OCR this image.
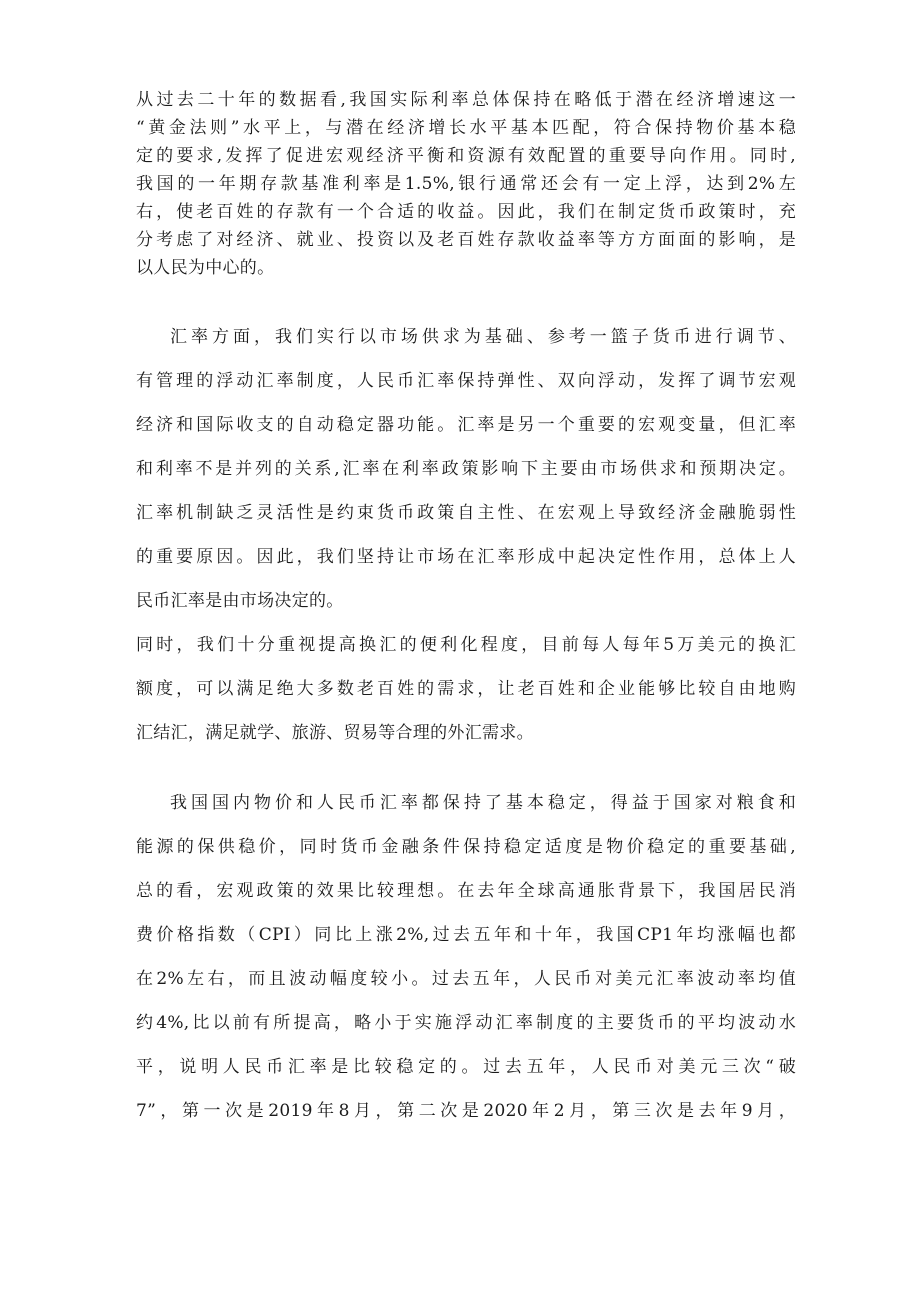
从过去二十年的数据看,我国实际利率总体保持在略低于潜在经济增速这一
“黄金法则”水平上，与潜在经济增长水平基本匹配，符合保持物价基本稳
定的要求,发挥了促进宏观经济平衡和资源有效配置的重要导向作用。同时,
我国的一年期存款基准利率是1.5%,银行通常还会有一定上浮，达到2%左
右，使老百姓的存款有一个合适的收益。因此，我们在制定货币政策时，充
分考虑了对经济、就业、投资以及老百姓存款收益率等方方面面的影响，是
以人民为中心的。
汇率方面，我们实行以市场供求为基础、参考一篮子货币进行调节、
有管理的浮动汇率制度，人民币汇率保持弹性、双向浮动，发挥了调节宏观
经济和国际收支的自动稳定器功能。汇率是另一个重要的宏观变量，但汇率
和利率不是并列的关系,汇率在利率政策影响下主要由市场供求和预期决定。
汇率机制缺乏灵活性是约束货币政策自主性、在宏观上导致经济金融脆弱性
的重要原因。因此，我们坚持让市场在汇率形成中起决定性作用，总体上人
民币汇率是由市场决定的。
同时，我们十分重视提高换汇的便利化程度，目前每人每年5万美元的换汇
额度，可以满足绝大多数老百姓的需求，让老百姓和企业能够比较自由地购
汇结汇，满足就学、旅游、贸易等合理的外汇需求。
我国国内物价和人民币汇率都保持了基本稳定，得益于国家对粮食和
能源的保供稳价，同时货币金融条件保持稳定适度是物价稳定的重要基础,
总的看，宏观政策的效果比较理想。在去年全球高通胀背景下，我国居民消
费价格指数（CPI）同比上涨2%,过去五年和十年，我国CP1年均涨幅也都
在2%左右，而且波动幅度较小。过去五年，人民币对美元汇率波动率均值
约4%,比以前有所提高，略小于实施浮动汇率制度的主要货币的平均波动水
平，说明人民币汇率是比较稳定的。过去五年，人民币对美元三次“破
7”，第一次是2019年8月，第二次是2020年2月，第三次是去年9月，
